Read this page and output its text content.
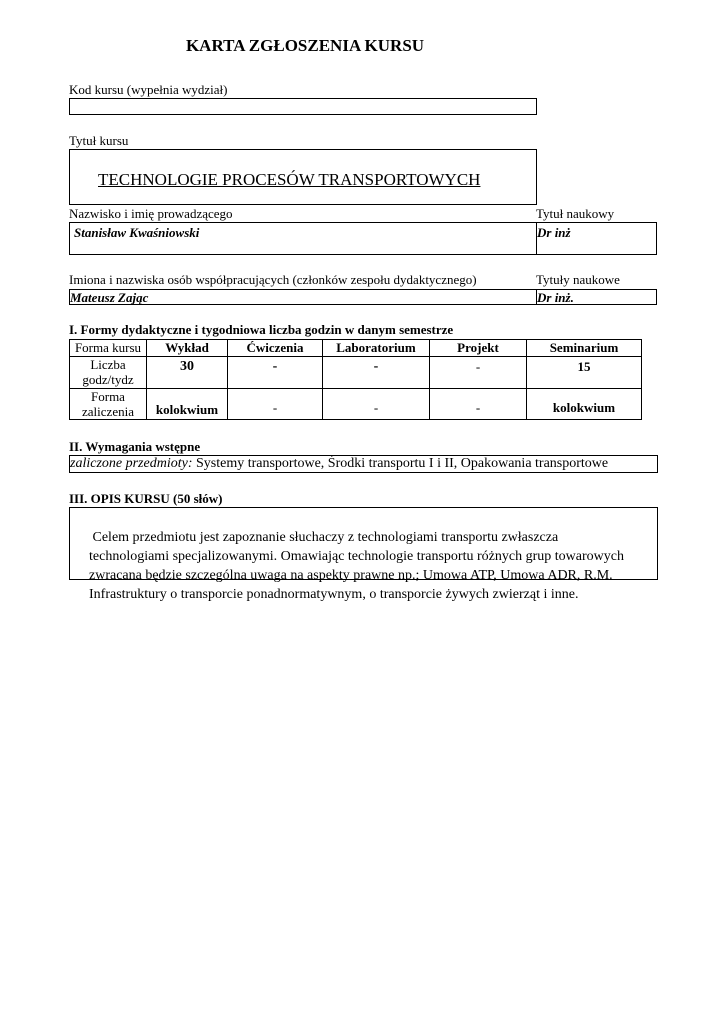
KARTA ZGŁOSZENIA KURSU
Kod kursu (wypełnia wydział)
Tytuł kursu
TECHNOLOGIE PROCESÓW TRANSPORTOWYCH
Nazwisko i imię prowadzącego	Tytuł naukowy
Stanisław Kwaśniowski	Dr inż
Imiona i nazwiska osób współpracujących (członków zespołu dydaktycznego)	Tytuły naukowe
Mateusz Zając	Dr inż.
I. Formy dydaktyczne i tygodniowa liczba godzin w danym semestrze
Forma kursu	Wykład	Ćwiczenia	Laboratorium	Projekt	Seminarium

Liczba
godz/tydz	30	-	-	-	15

Forma
zaliczenia	kolokwium	-	-	-	kolokwium
II. Wymagania wstępne
zaliczone przedmioty: Systemy transportowe, Środki transportu I i II, Opakowania transportowe
III. OPIS KURSU (50 słów)

Celem przedmiotu jest zapoznanie słuchaczy z technologiami transportu zwłaszcza
technologiami specjalizowanymi. Omawiając technologie transportu różnych grup towarowych
zwracana będzie szczególna uwaga na aspekty prawne np.; Umowa ATP, Umowa ADR, R.M.
Infrastruktury o transporcie ponadnormatywnym, o transporcie żywych zwierząt i inne.
